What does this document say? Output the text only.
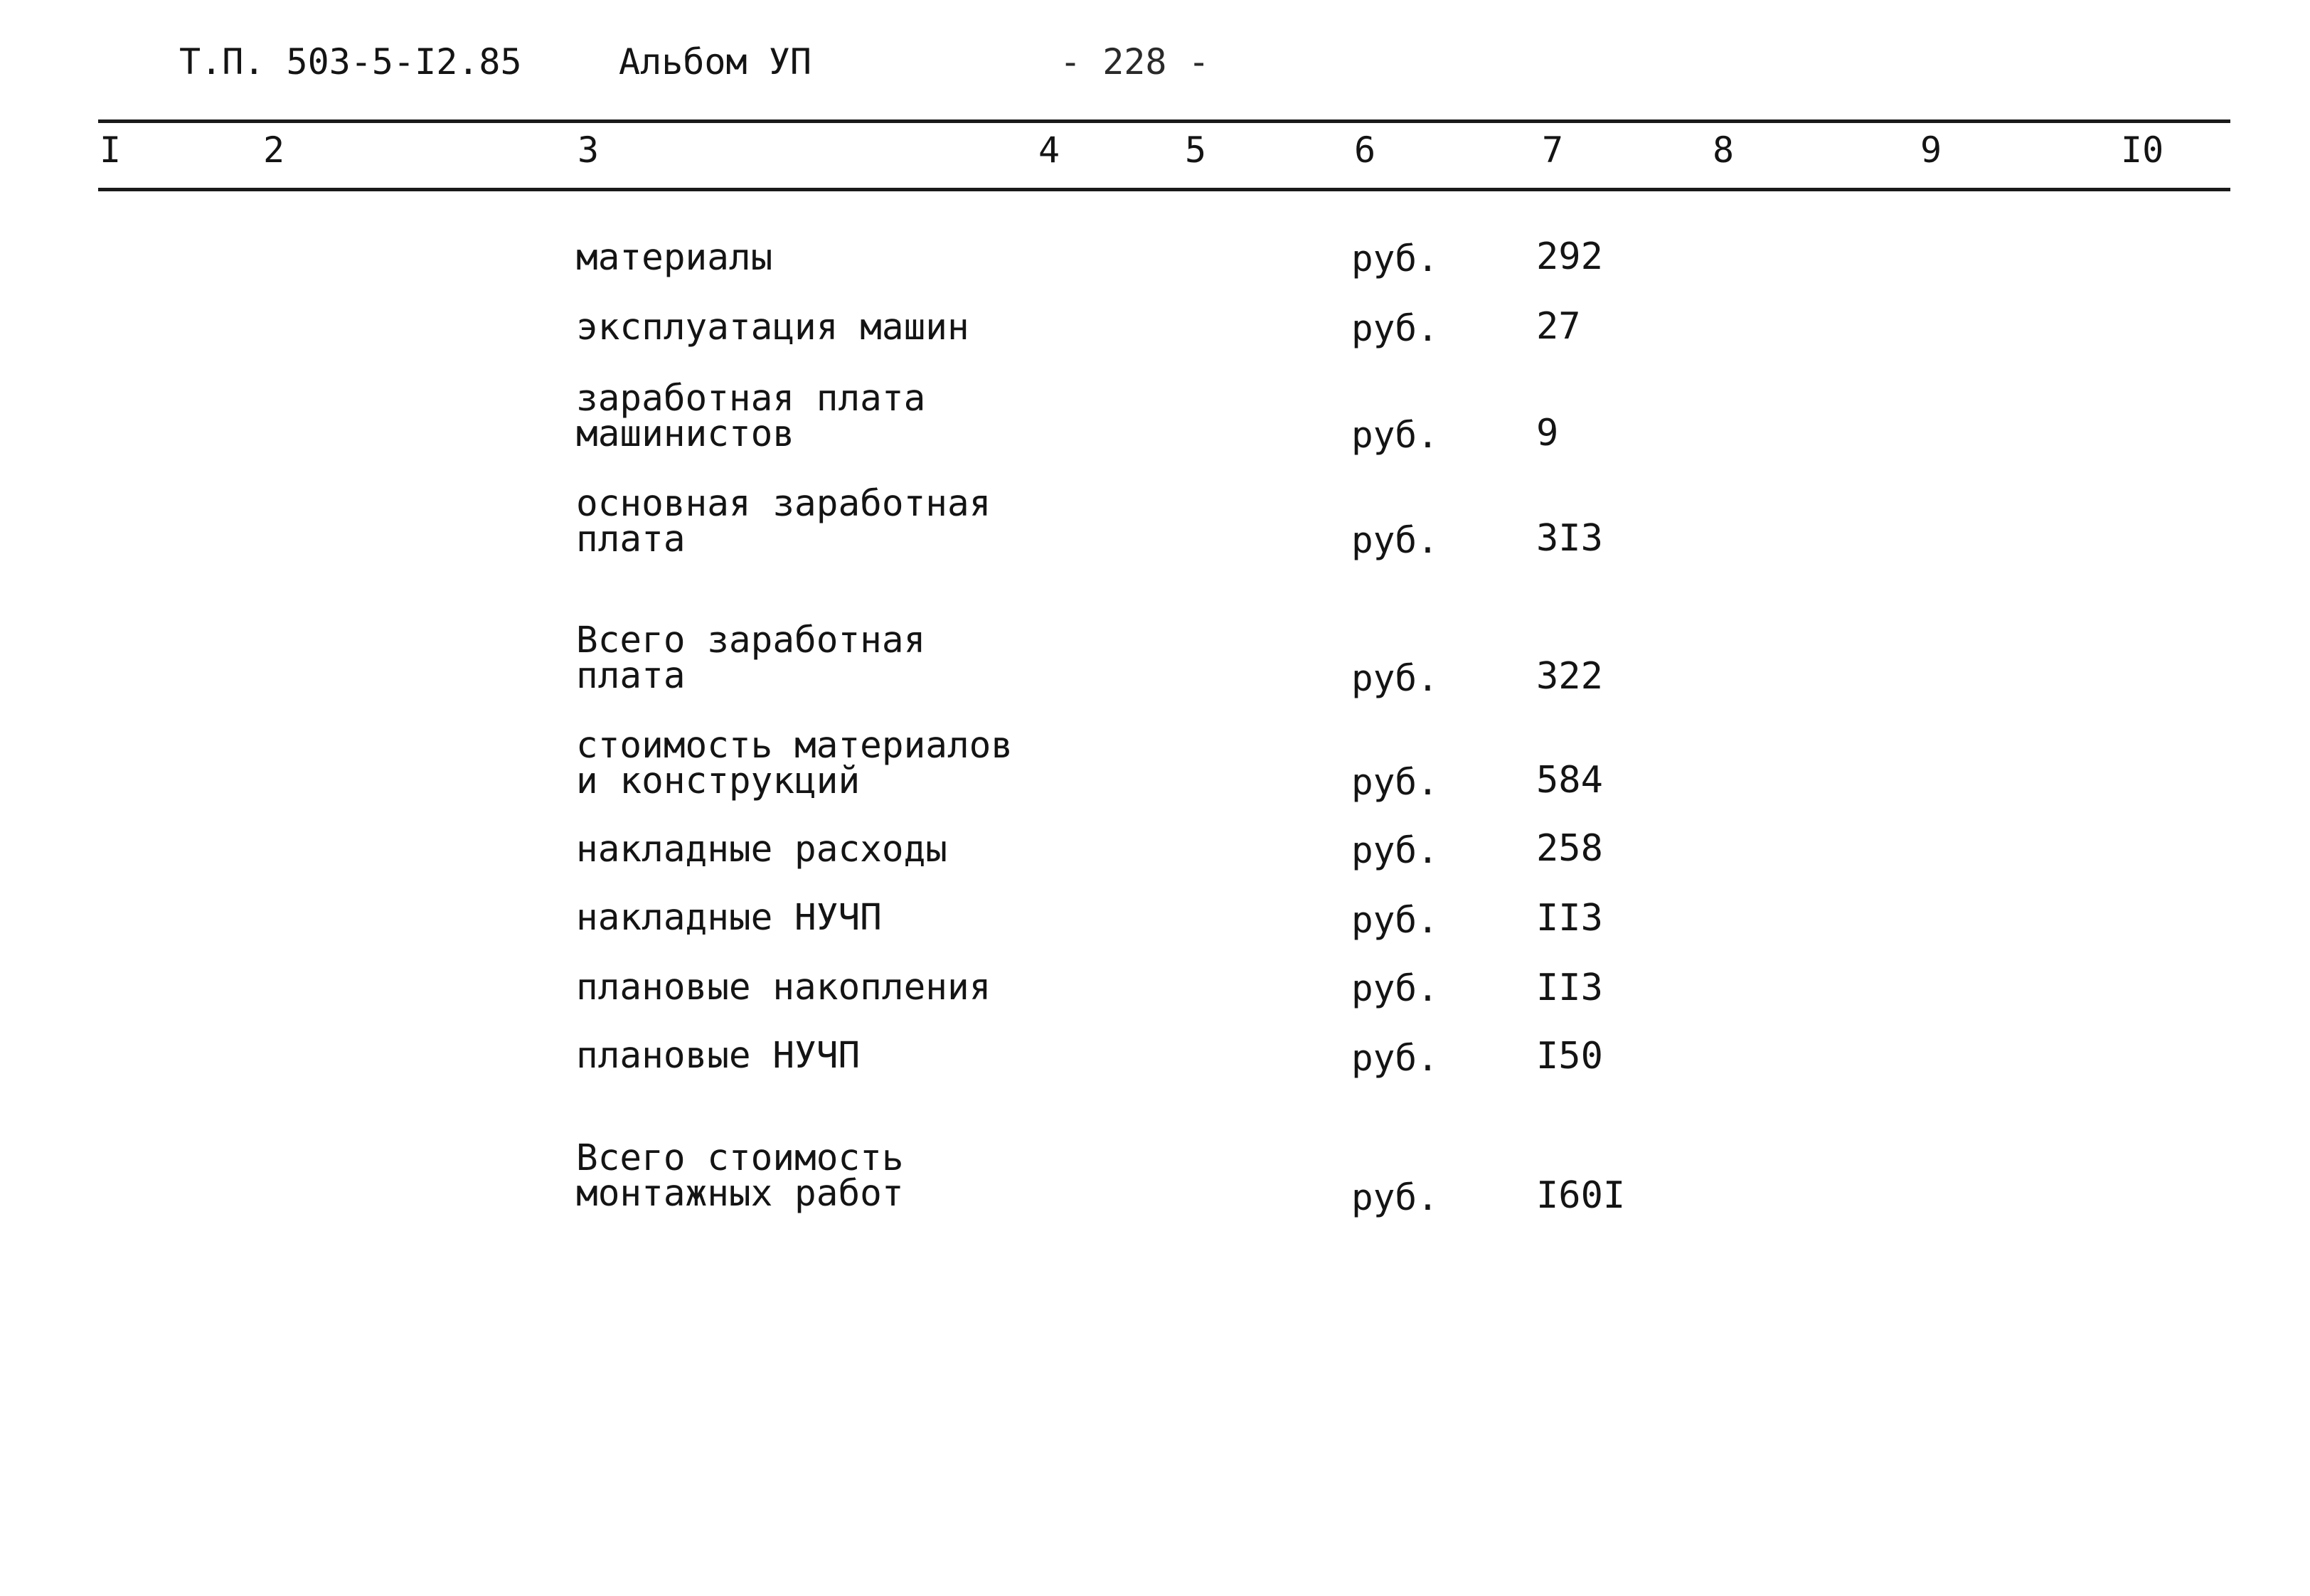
Т.П. 503-5-I2.85	Альбом УП	- 228 -
I	2	3	4	5	6	7	8	9	I0
материалы	руб.	292
эксплуатация машин	руб.	27
заработная плата
машинистов	руб.	9
основная заработная
плата	руб.	3I3
Всего заработная
плата	руб.	322
стоимость материалов
и конструкций	руб.	584
накладные расходы	руб.	258
накладные НУЧП	руб.	II3
плановые накопления	руб.	II3
плановые НУЧП	руб.	I50
Всего стоимость
монтажных работ	руб.	I60I
